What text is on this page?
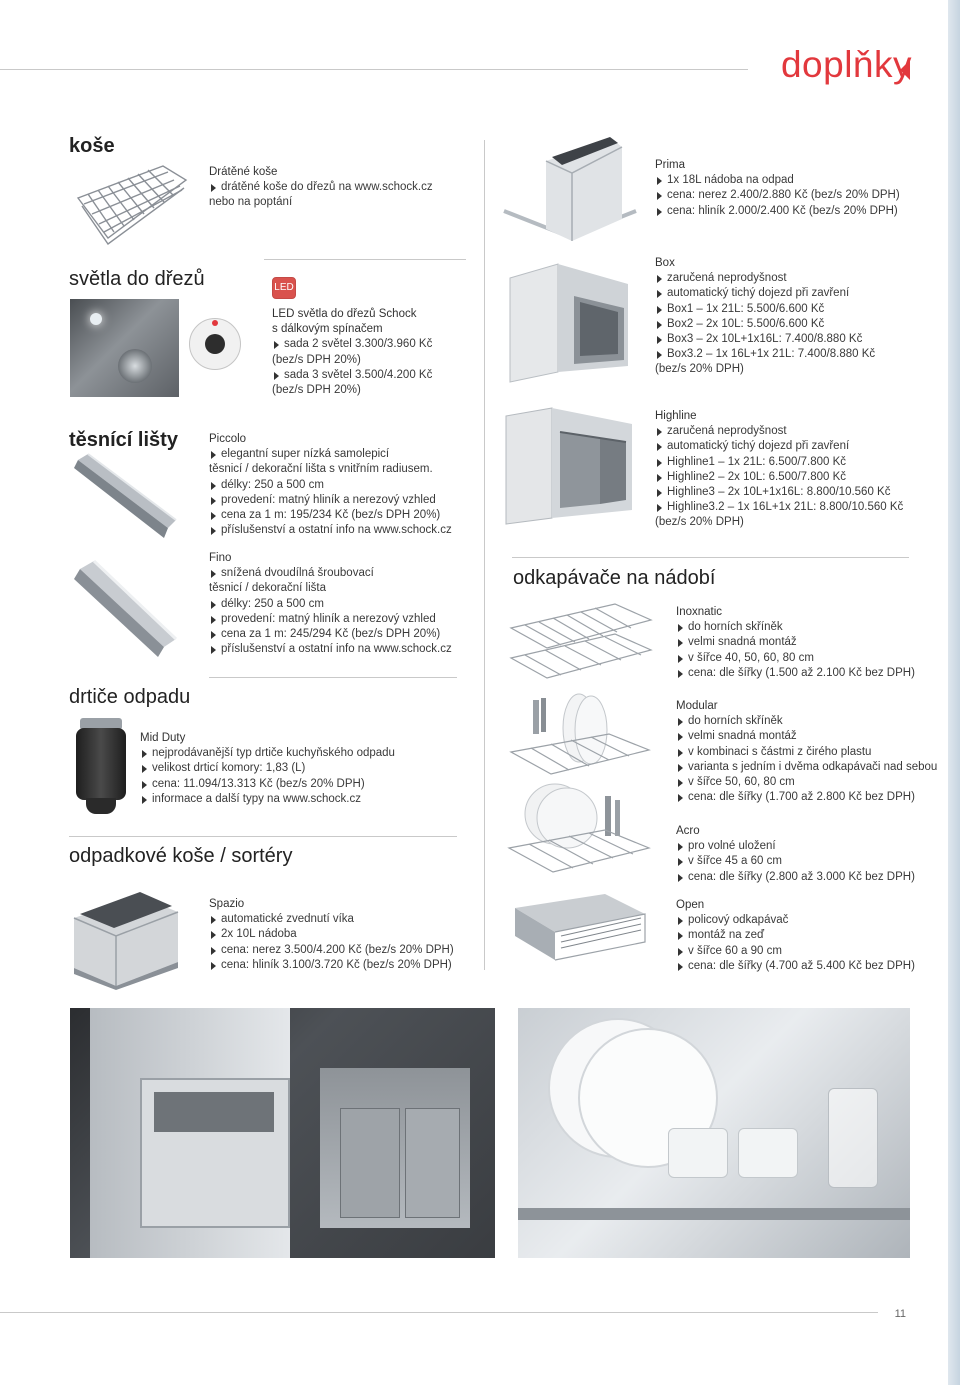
doplňky
koše
Drátěné koše
drátěné koše do dřezů na www.schock.cz
nebo na poptání
světla do dřezů	LED
LED světla do dřezů Schock
s dálkovým spínačem
sada 2 světel 3.300/3.960 Kč
(bez/s DPH 20%)
sada 3 světel 3.500/4.200 Kč
(bez/s DPH 20%)
těsnící lišty	Piccolo
elegantní super nízká samolepicí
těsnicí / dekorační lišta s vnitřním radiusem.
délky: 250 a 500 cm
provedení: matný hliník a nerezový vzhled
cena za 1 m: 195/234 Kč (bez/s DPH 20%)
příslušenství a ostatní info na www.schock.cz
Fino
snížená dvoudílná šroubovací
těsnicí / dekorační lišta
délky: 250 a 500 cm
provedení: matný hliník a nerezový vzhled
cena za 1 m: 245/294 Kč (bez/s DPH 20%)
příslušenství a ostatní info na www.schock.cz
drtiče odpadu
Mid Duty
nejprodávanější typ drtiče kuchyňského odpadu
velikost drticí komory: 1,83 (L)
cena: 11.094/13.313 Kč (bez/s 20% DPH)
informace a další typy na www.schock.cz
odpadkové koše / sortéry
Spazio
automatické zvednutí víka
2x 10L nádoba
cena: nerez 3.500/4.200 Kč (bez/s 20% DPH)
cena: hliník 3.100/3.720 Kč (bez/s 20% DPH)
Prima
1x 18L nádoba na odpad
cena: nerez 2.400/2.880 Kč (bez/s 20% DPH)
cena: hliník 2.000/2.400 Kč (bez/s 20% DPH)
Box
zaručená neprodyšnost
automatický tichý dojezd při zavření
Box1 – 1x 21L: 5.500/6.600 Kč
Box2 – 2x 10L: 5.500/6.600 Kč
Box3 – 2x 10L+1x16L: 7.400/8.880 Kč
Box3.2 – 1x 16L+1x 21L: 7.400/8.880 Kč
(bez/s 20% DPH)
Highline
zaručená neprodyšnost
automatický tichý dojezd při zavření
Highline1 – 1x 21L: 6.500/7.800 Kč
Highline2 – 2x 10L: 6.500/7.800 Kč
Highline3 – 2x 10L+1x16L: 8.800/10.560 Kč
Highline3.2 – 1x 16L+1x 21L: 8.800/10.560 Kč
(bez/s 20% DPH)
odkapávače na nádobí
Inoxnatic
do horních skříněk
velmi snadná montáž
v šířce 40, 50, 60, 80 cm
cena: dle šířky (1.500 až 2.100 Kč bez DPH)
Modular
do horních skříněk
velmi snadná montáž
v kombinaci s částmi z čirého plastu
varianta s jedním i dvěma odkapávači nad sebou
v šířce 50, 60, 80 cm
cena: dle šířky (1.700 až 2.800 Kč bez DPH)
Acro
pro volné uložení
v šířce 45 a 60 cm
cena: dle šířky (2.800 až 3.000 Kč bez DPH)
Open
policový odkapávač
montáž na zeď
v šířce 60 a 90 cm
cena: dle šířky (4.700 až 5.400 Kč bez DPH)
11
